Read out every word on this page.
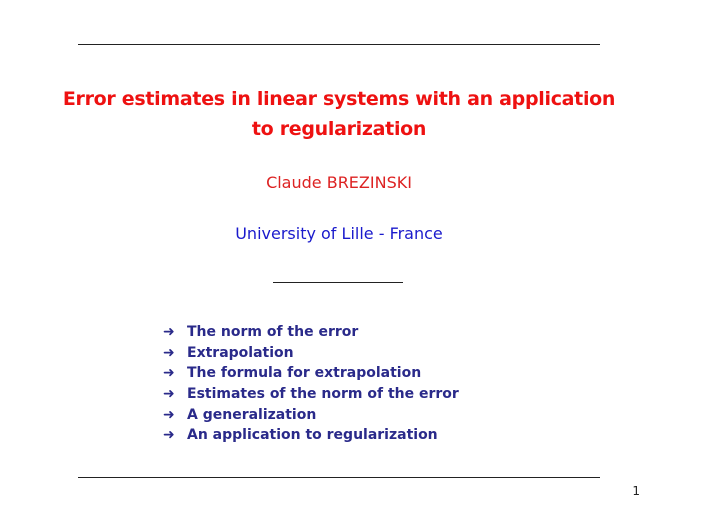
Error estimates in linear systems with an application
to regularization
Claude BREZINSKI
University of Lille - France
➜ The norm of the error
➜ Extrapolation
➜ The formula for extrapolation
➜ Estimates of the norm of the error
➜ A generalization
➜ An application to regularization
1
